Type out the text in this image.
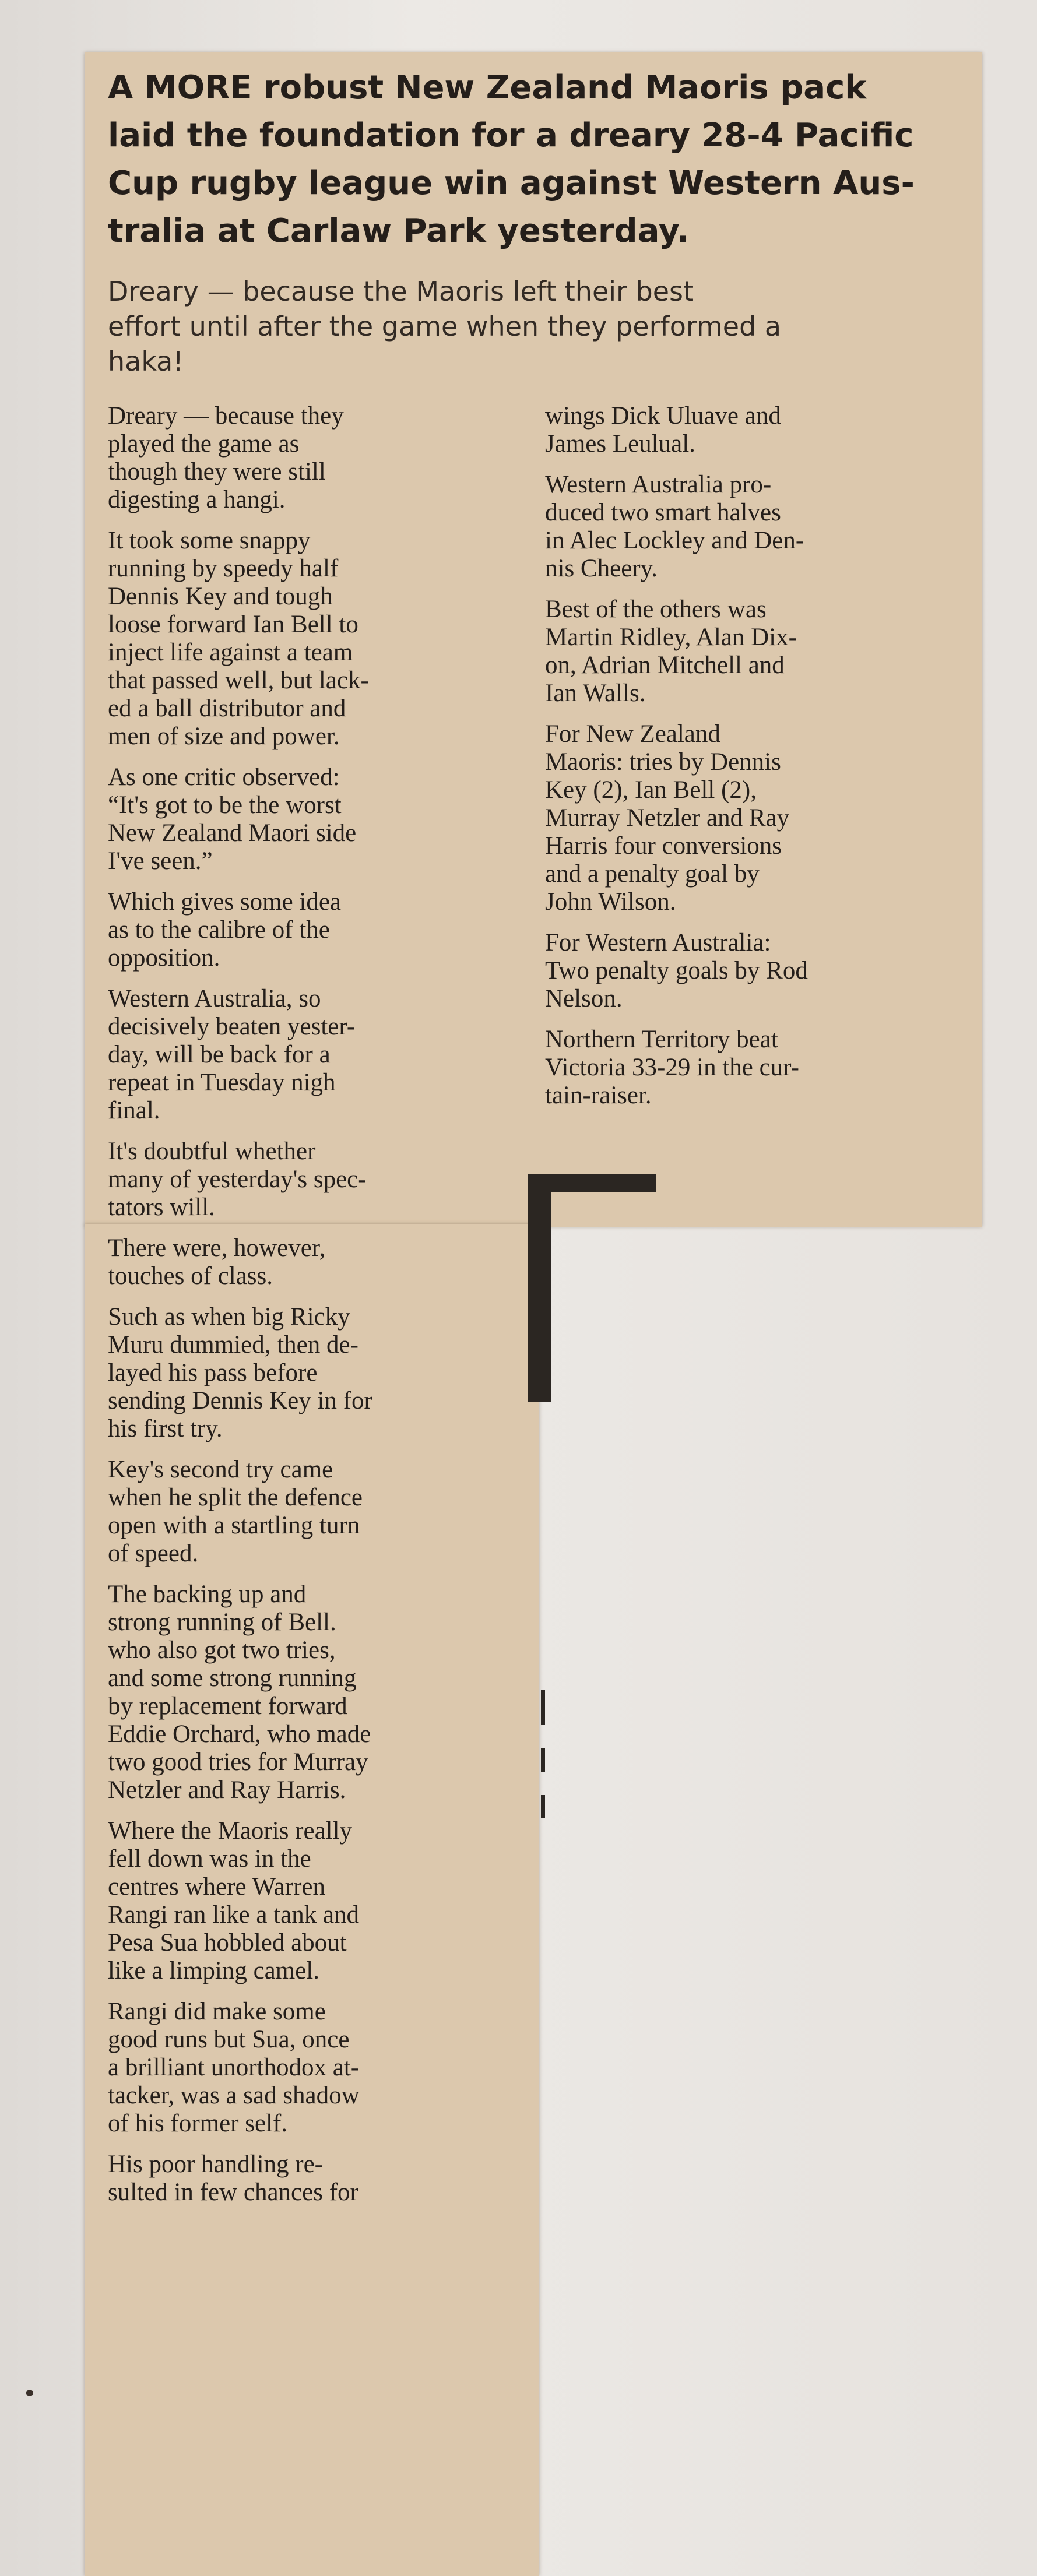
A MORE robust New Zealand Maoris pack
laid the foundation for a dreary 28-4 Pacific
Cup rugby league win against Western Aus-
tralia at Carlaw Park yesterday.
Dreary — because the Maoris left their best
effort until after the game when they performed a
haka!

Dreary — because they
played the game as
though they were still
digesting a hangi.

It took some snappy
running by speedy half
Dennis Key and tough
loose forward Ian Bell to
inject life against a team
that passed well, but lack-
ed a ball distributor and
men of size and power.

As one critic observed:
“It's got to be the worst
New Zealand Maori side
I've seen.”

Which gives some idea
as to the calibre of the
opposition.

Western Australia, so
decisively beaten yester-
day, will be back for a
repeat in Tuesday nigh
final.

It's doubtful whether
many of yesterday's spec-
tators will.

There were, however,
touches of class.

Such as when big Ricky
Muru dummied, then de-
layed his pass before
sending Dennis Key in for
his first try.

Key's second try came
when he split the defence
open with a startling turn
of speed.

The backing up and
strong running of Bell.
who also got two tries,
and some strong running
by replacement forward
Eddie Orchard, who made
two good tries for Murray
Netzler and Ray Harris.

Where the Maoris really
fell down was in the
centres where Warren
Rangi ran like a tank and
Pesa Sua hobbled about
like a limping camel.

Rangi did make some
good runs but Sua, once
a brilliant unorthodox at-
tacker, was a sad shadow
of his former self.

His poor handling re-
sulted in few chances for

wings Dick Uluave and
James Leulual.

Western Australia pro-
duced two smart halves
in Alec Lockley and Den-
nis Cheery.

Best of the others was
Martin Ridley, Alan Dix-
on, Adrian Mitchell and
Ian Walls.

For New Zealand
Maoris: tries by Dennis
Key (2), Ian Bell (2),
Murray Netzler and Ray
Harris four conversions
and a penalty goal by
John Wilson.

For Western Australia:
Two penalty goals by Rod
Nelson.

Northern Territory beat
Victoria 33-29 in the cur-
tain-raiser.
